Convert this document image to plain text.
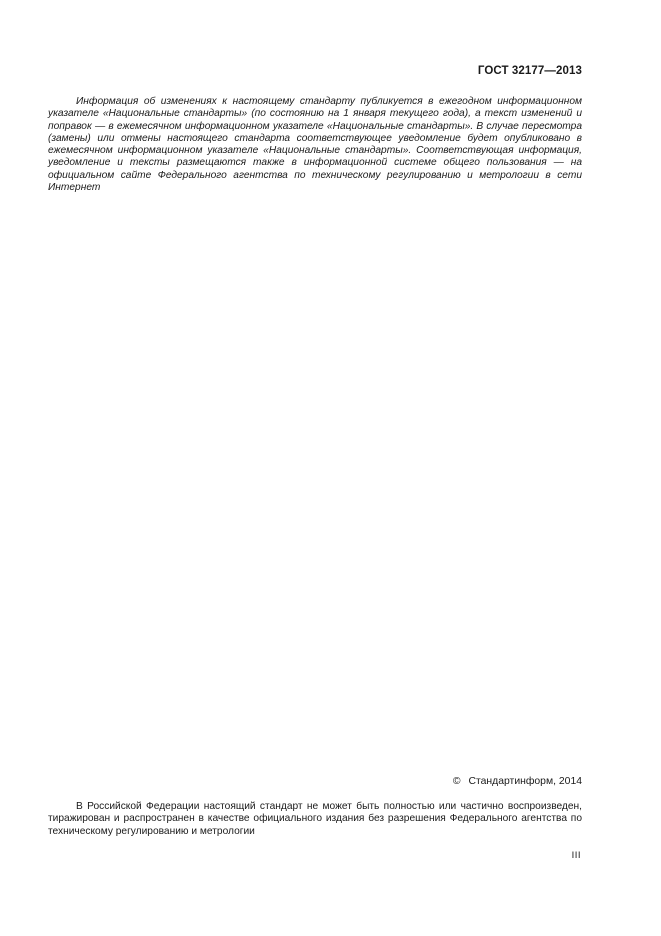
ГОСТ 32177—2013

Информация об изменениях к настоящему стандарту публикуется в ежегодном информационном указателе «Национальные стандарты» (по состоянию на 1 января текущего года), а текст изменений и поправок — в ежемесячном информационном указателе «Национальные стандарты». В случае пересмотра (замены) или отмены настоящего стандарта соответствующее уведомление будет опубликовано в ежемесячном информационном указателе «Национальные стандарты». Соответствующая информация, уведомление и тексты размещаются также в информационной системе общего пользования — на официальном сайте Федерального агентства по техническому регулированию и метрологии в сети Интернет

© Стандартинформ, 2014

В Российской Федерации настоящий стандарт не может быть полностью или частично воспроизведен, тиражирован и распространен в качестве официального издания без разрешения Федерального агентства по техническому регулированию и метрологии

III
